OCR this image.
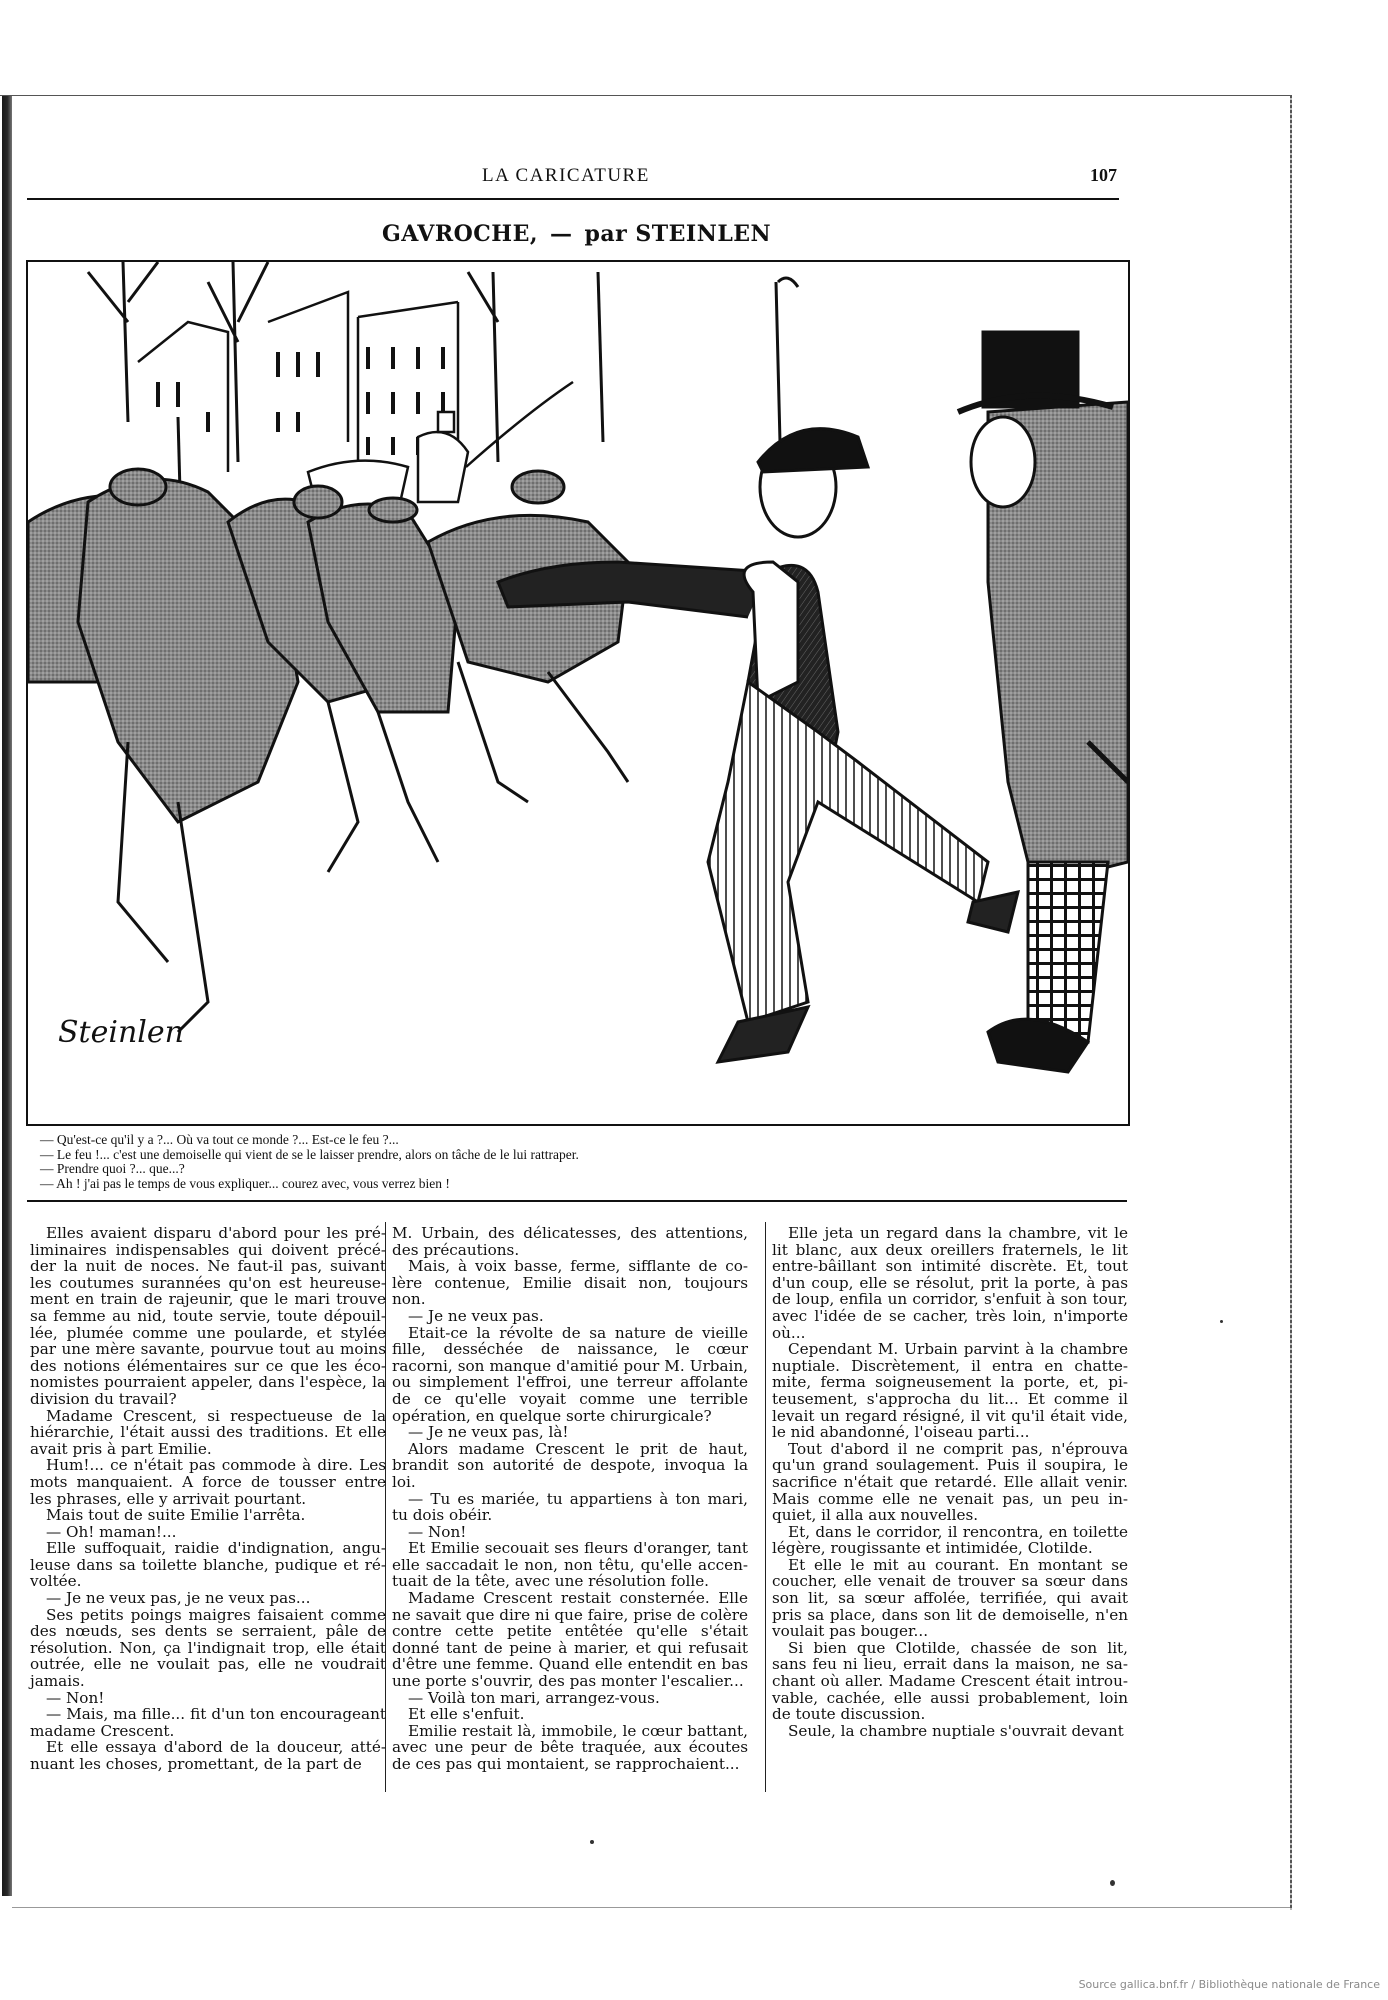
LA CARICATURE	107
GAVROCHE, — par STEINLEN
Steinlen
— Qu'est-ce qu'il y a ?... Où va tout ce monde ?... Est-ce le feu ?...
— Le feu !... c'est une demoiselle qui vient de se le laisser prendre, alors on tâche de le lui rattraper.
— Prendre quoi ?... que...?
— Ah ! j'ai pas le temps de vous expliquer... courez avec, vous verrez bien !

Elles avaient disparu d'abord pour les préliminaires indispensables qui doivent précéder la nuit de noces. Ne faut-il pas, suivant les coutumes surannées qu'on est heureusement en train de rajeunir, que le mari trouve sa femme au nid, toute servie, toute dépouillée, plumée comme une poularde, et stylée par une mère savante, pourvue tout au moins des notions élémentaires sur ce que les économistes pourraient appeler, dans l'espèce, la division du travail?

Madame Crescent, si respectueuse de la hiérarchie, l'était aussi des traditions. Et elle avait pris à part Emilie.

Hum!... ce n'était pas commode à dire. Les mots manquaient. A force de tousser entre les phrases, elle y arrivait pourtant.

Mais tout de suite Emilie l'arrêta.

— Oh! maman!...

Elle suffoquait, raidie d'indignation, anguleuse dans sa toilette blanche, pudique et révoltée.

— Je ne veux pas, je ne veux pas...

Ses petits poings maigres faisaient comme des nœuds, ses dents se serraient, pâle de résolution. Non, ça l'indignait trop, elle était outrée, elle ne voulait pas, elle ne voudrait jamais.

— Non!

— Mais, ma fille... fit d'un ton encourageant madame Crescent.

Et elle essaya d'abord de la douceur, atténuant les choses, promettant, de la part de

M. Urbain, des délicatesses, des attentions, des précautions.

Mais, à voix basse, ferme, sifflante de colère contenue, Emilie disait non, toujours non.

— Je ne veux pas.

Etait-ce la révolte de sa nature de vieille fille, desséchée de naissance, le cœur racorni, son manque d'amitié pour M. Urbain, ou simplement l'effroi, une terreur affolante de ce qu'elle voyait comme une terrible opération, en quelque sorte chirurgicale?

— Je ne veux pas, là!

Alors madame Crescent le prit de haut, brandit son autorité de despote, invoqua la loi.

— Tu es mariée, tu appartiens à ton mari, tu dois obéir.

— Non!

Et Emilie secouait ses fleurs d'oranger, tant elle saccadait le non, non têtu, qu'elle accentuait de la tête, avec une résolution folle.

Madame Crescent restait consternée. Elle ne savait que dire ni que faire, prise de colère contre cette petite entêtée qu'elle s'était donné tant de peine à marier, et qui refusait d'être une femme. Quand elle entendit en bas une porte s'ouvrir, des pas monter l'escalier...

— Voilà ton mari, arrangez-vous.

Et elle s'enfuit.

Emilie restait là, immobile, le cœur battant, avec une peur de bête traquée, aux écoutes de ces pas qui montaient, se rapprochaient...

Elle jeta un regard dans la chambre, vit le lit blanc, aux deux oreillers fraternels, le lit entre-bâillant son intimité discrète. Et, tout d'un coup, elle se résolut, prit la porte, à pas de loup, enfila un corridor, s'enfuit à son tour, avec l'idée de se cacher, très loin, n'importe où...

Cependant M. Urbain parvint à la chambre nuptiale. Discrètement, il entra en chattemite, ferma soigneusement la porte, et, piteusement, s'approcha du lit... Et comme il levait un regard résigné, il vit qu'il était vide, le nid abandonné, l'oiseau parti...

Tout d'abord il ne comprit pas, n'éprouva qu'un grand soulagement. Puis il soupira, le sacrifice n'était que retardé. Elle allait venir. Mais comme elle ne venait pas, un peu inquiet, il alla aux nouvelles.

Et, dans le corridor, il rencontra, en toilette légère, rougissante et intimidée, Clotilde.

Et elle le mit au courant. En montant se coucher, elle venait de trouver sa sœur dans son lit, sa sœur affolée, terrifiée, qui avait pris sa place, dans son lit de demoiselle, n'en voulait pas bouger...

Si bien que Clotilde, chassée de son lit, sans feu ni lieu, errait dans la maison, ne sachant où aller. Madame Crescent était introuvable, cachée, elle aussi probablement, loin de toute discussion.

Seule, la chambre nuptiale s'ouvrait devant

Source gallica.bnf.fr / Bibliothèque nationale de France
